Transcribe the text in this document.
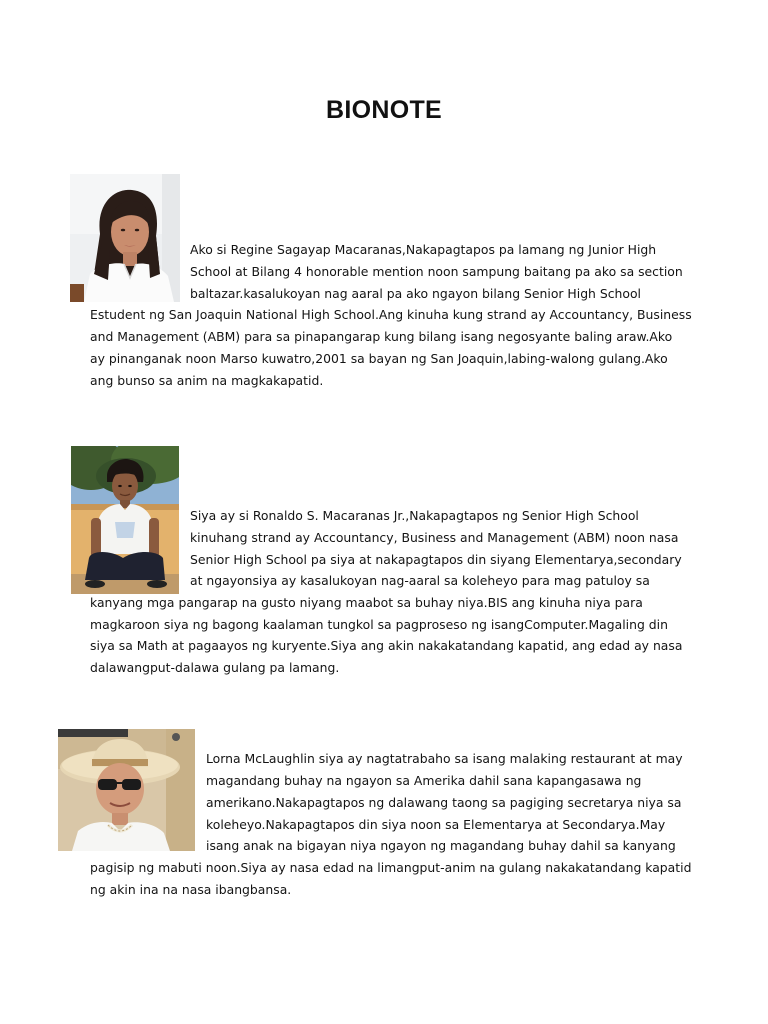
BIONOTE
Ako si Regine Sagayap Macaranas,Nakapagtapos pa lamang ng Junior High
School at Bilang 4 honorable mention noon sampung baitang pa ako sa section
baltazar.kasalukoyan nag aaral pa ako ngayon bilang Senior High School
Estudent ng San Joaquin National High School.Ang kinuha kung strand ay Accountancy, Business
and Management (ABM) para sa pinapangarap kung bilang isang negosyante baling araw.Ako
ay pinanganak noon Marso kuwatro,2001 sa bayan ng San Joaquin,labing-walong gulang.Ako
ang bunso sa anim na magkakapatid.
Siya ay si Ronaldo S. Macaranas Jr.,Nakapagtapos ng Senior High School
kinuhang strand ay Accountancy, Business and Management (ABM) noon nasa
Senior High School pa siya at nakapagtapos din siyang Elementarya,secondary
at ngayonsiya ay kasalukoyan nag-aaral sa koleheyo para mag patuloy sa
kanyang mga pangarap na gusto niyang maabot sa buhay niya.BIS ang kinuha niya para
magkaroon siya ng bagong kaalaman tungkol sa pagproseso ng isangComputer.Magaling din
siya sa Math at pagaayos ng kuryente.Siya ang akin nakakatandang kapatid, ang edad ay nasa
dalawangput-dalawa gulang pa lamang.
Lorna McLaughlin siya ay nagtatrabaho sa isang malaking restaurant at may
magandang buhay na ngayon sa Amerika dahil sana kapangasawa ng
amerikano.Nakapagtapos ng dalawang taong sa pagiging secretarya niya sa
koleheyo.Nakapagtapos din siya noon sa Elementarya at Secondarya.May
isang anak na bigayan niya ngayon ng magandang buhay dahil sa kanyang
pagisip ng mabuti noon.Siya ay nasa edad na limangput-anim na gulang nakakatandang kapatid
ng akin ina na nasa ibangbansa.
